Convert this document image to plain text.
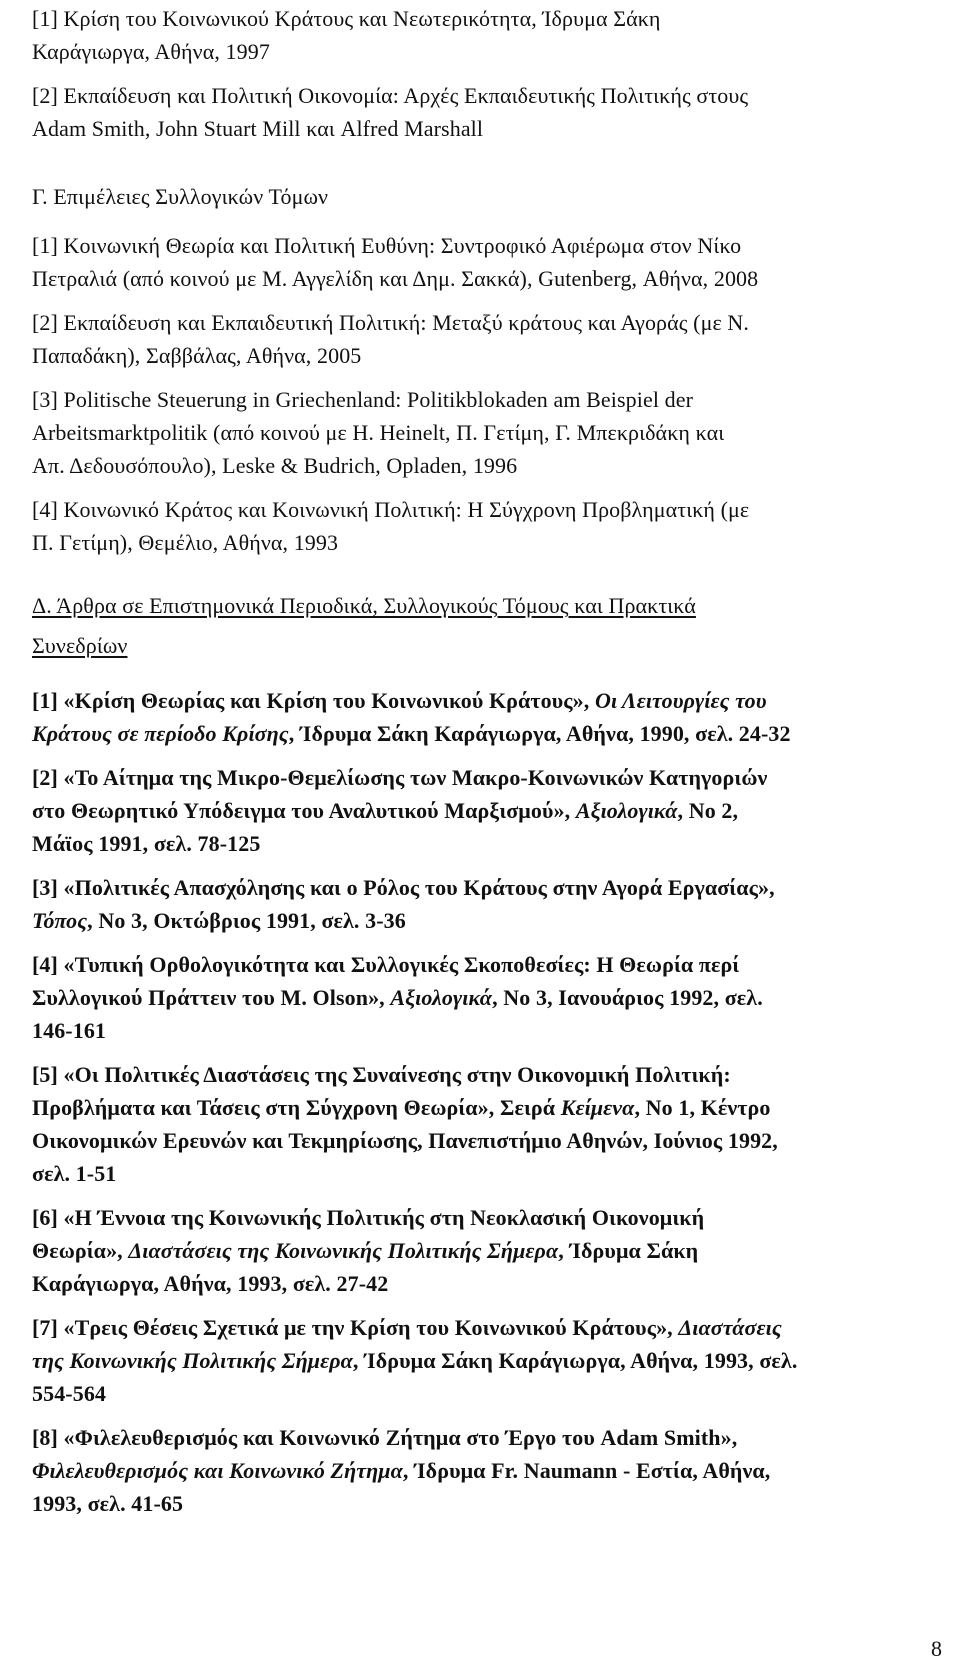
[1] Κρίση του Κοινωνικού Κράτους και Νεωτερικότητα, Ίδρυμα Σάκη
Καράγιωργα, Αθήνα, 1997
[2] Εκπαίδευση και Πολιτική Οικονομία: Αρχές Εκπαιδευτικής Πολιτικής στους
Adam Smith, John Stuart Mill και Alfred Marshall
Γ. Επιμέλειες Συλλογικών Τόμων
[1] Κοινωνική Θεωρία και Πολιτική Ευθύνη: Συντροφικό Αφιέρωμα στον Νίκο
Πετραλιά (από κοινού με Μ. Αγγελίδη και Δημ. Σακκά), Gutenberg, Αθήνα, 2008
[2] Εκπαίδευση και Εκπαιδευτική Πολιτική: Μεταξύ κράτους και Αγοράς (με Ν.
Παπαδάκη), Σαββάλας, Αθήνα, 2005
[3] Politische Steuerung in Griechenland: Politikblokaden am Beispiel der
Arbeitsmarktpolitik (από κοινού με Η. Heinelt, Π. Γετίμη, Γ. Μπεκριδάκη και
Απ. Δεδουσόπουλο), Leske & Budrich, Opladen, 1996
[4] Κοινωνικό Κράτος και Κοινωνική Πολιτική: Η Σύγχρονη Προβληματική (με
Π. Γετίμη), Θεμέλιο, Αθήνα, 1993
Δ. Άρθρα σε Επιστημονικά Περιοδικά, Συλλογικούς Τόμους και Πρακτικά
Συνεδρίων
[1] «Κρίση Θεωρίας και Κρίση του Κοινωνικού Κράτους», Οι Λειτουργίες του
Κράτους σε περίοδο Κρίσης, Ίδρυμα Σάκη Καράγιωργα, Αθήνα, 1990, σελ. 24-32
[2] «Το Αίτημα της Μικρο-Θεμελίωσης των Μακρο-Κοινωνικών Κατηγοριών
στο Θεωρητικό Υπόδειγμα του Αναλυτικού Μαρξισμού», Αξιολογικά, Νο 2,
Μάϊος 1991, σελ. 78-125
[3] «Πολιτικές Απασχόλησης και ο Ρόλος του Κράτους στην Αγορά Εργασίας»,
Τόπος, Νο 3, Οκτώβριος 1991, σελ. 3-36
[4] «Τυπική Ορθολογικότητα και Συλλογικές Σκοποθεσίες: Η Θεωρία περί
Συλλογικού Πράττειν του Μ. Olson», Αξιολογικά, Νο 3, Ιανουάριος 1992, σελ.
146-161
[5] «Οι Πολιτικές Διαστάσεις της Συναίνεσης στην Οικονομική Πολιτική:
Προβλήματα και Τάσεις στη Σύγχρονη Θεωρία», Σειρά Κείμενα, Νο 1, Κέντρο
Οικονομικών Ερευνών και Τεκμηρίωσης, Πανεπιστήμιο Αθηνών, Ιούνιος 1992,
σελ. 1-51
[6] «Η Έννοια της Κοινωνικής Πολιτικής στη Νεοκλασική Οικονομική
Θεωρία», Διαστάσεις της Κοινωνικής Πολιτικής Σήμερα, Ίδρυμα Σάκη
Καράγιωργα, Αθήνα, 1993, σελ. 27-42
[7] «Τρεις Θέσεις Σχετικά με την Κρίση του Κοινωνικού Κράτους», Διαστάσεις
της Κοινωνικής Πολιτικής Σήμερα, Ίδρυμα Σάκη Καράγιωργα, Αθήνα, 1993, σελ.
554-564
[8] «Φιλελευθερισμός και Κοινωνικό Ζήτημα στο Έργο του Adam Smith»,
Φιλελευθερισμός και Κοινωνικό Ζήτημα, Ίδρυμα Fr. Naumann - Εστία, Αθήνα,
1993, σελ. 41-65
8
